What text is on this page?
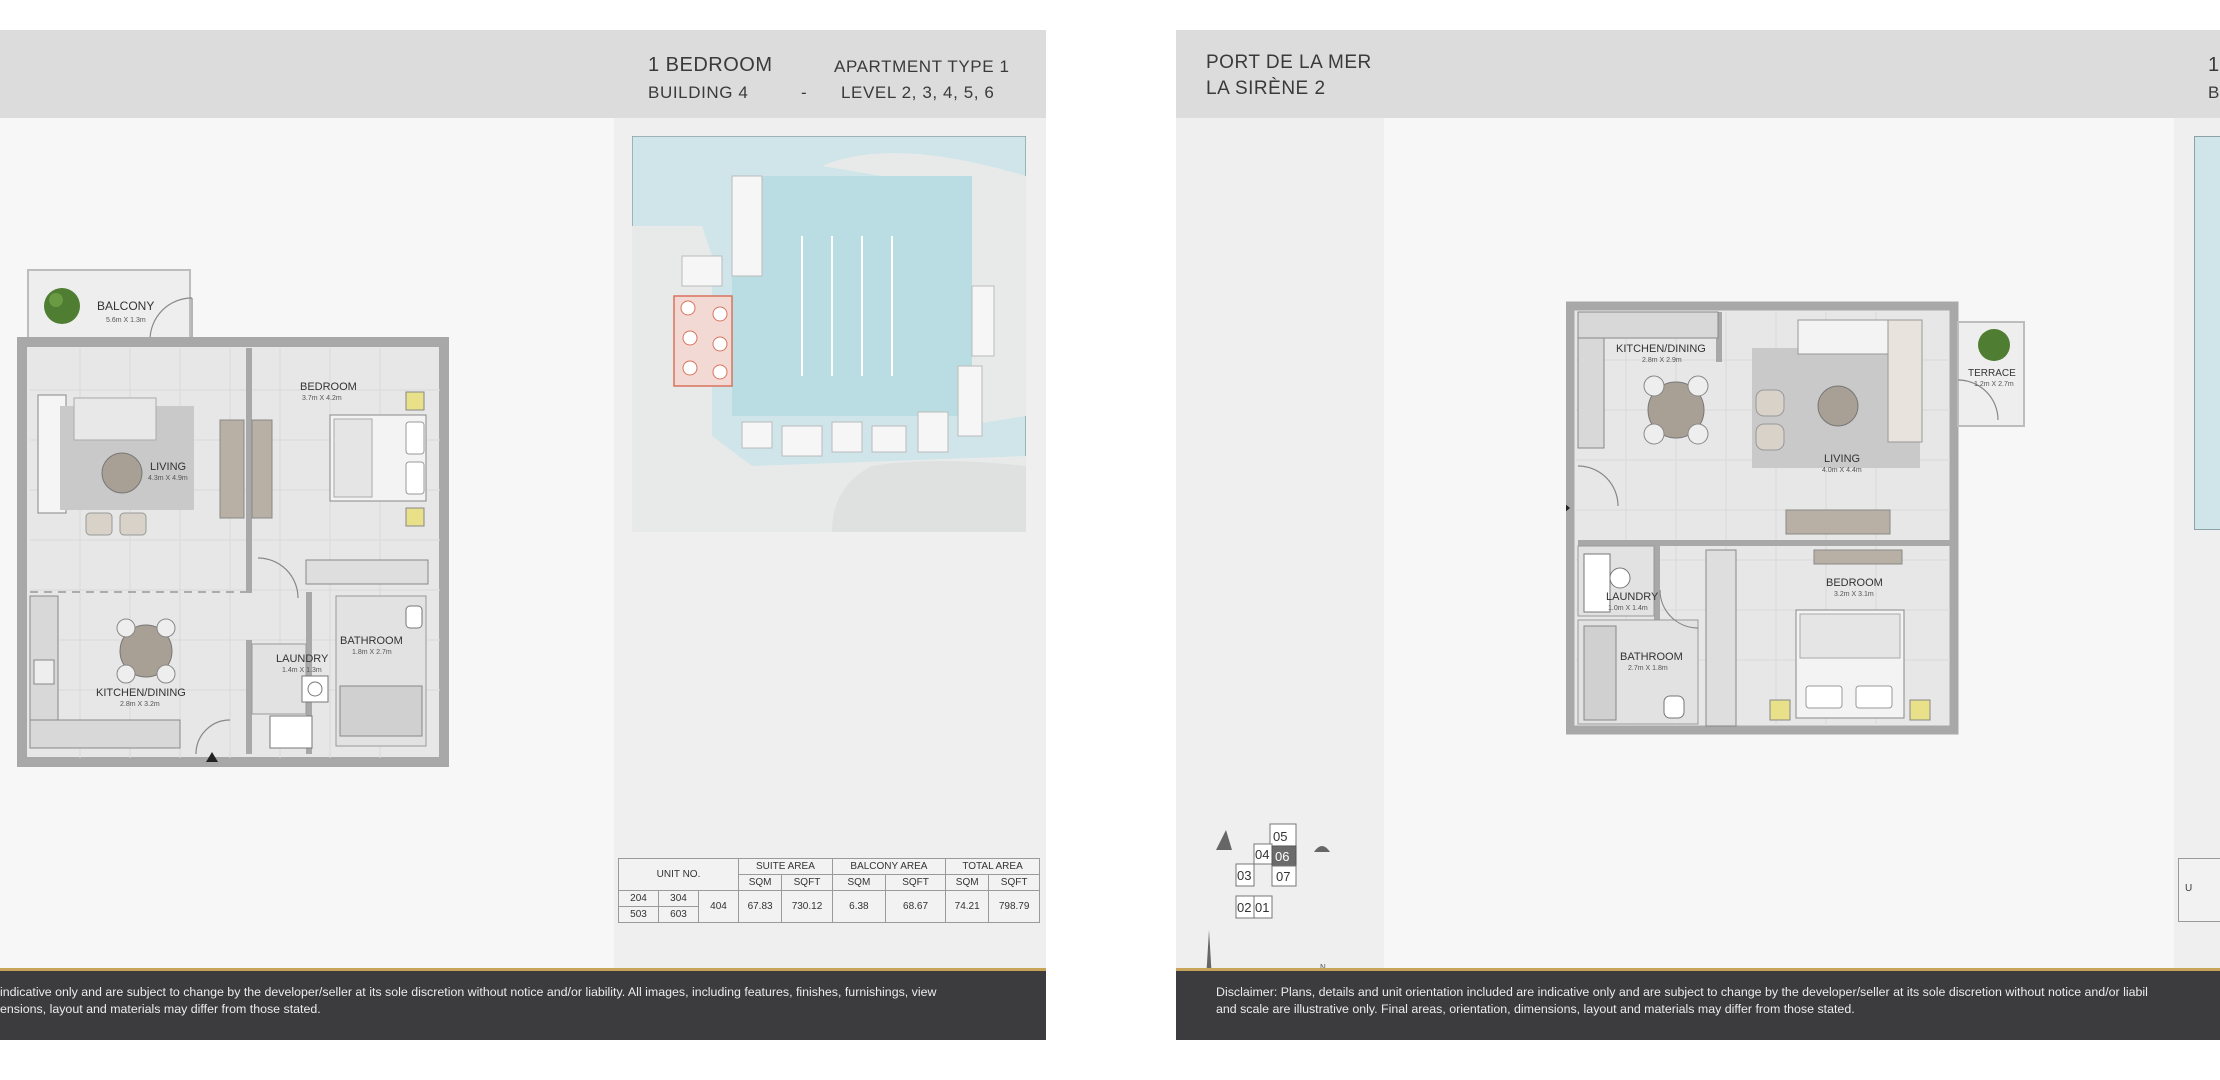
1 BEDROOM	APARTMENT TYPE 1
BUILDING 4	- LEVEL 2, 3, 4, 5, 6
BALCONY
5.6m X 1.3m
LIVING
4.3m X 4.9m
BEDROOM
3.7m X 4.2m
KITCHEN/DINING
2.8m X 3.2m
LAUNDRY
1.4m X 1.3m
BATHROOM
1.8m X 2.7m
UNIT NO.			SUITE AREA		BALCONY AREA		TOTAL AREA	
			SQM	SQFT	SQM	SQFT	SQM	SQFT
204	304	404	67.83	730.12	6.38	68.67	74.21	798.79
503	603							
indicative only and are subject to change by the developer/seller at its sole discretion without notice and/or liability. All images, including features, finishes, furnishings, view
ensions, layout and materials may differ from those stated.
PORT DE LA MER
LA SIRÈNE 2
1
B
U
TERRACE
1.2m X 2.7m
KITCHEN/DINING
2.8m X 2.9m
LIVING
4.0m X 4.4m
LAUNDRY
1.0m X 1.4m
BATHROOM
2.7m X 1.8m
BEDROOM
3.2m X 3.1m
05
04 06
03 07
02 01
Disclaimer: Plans, details and unit orientation included are indicative only and are subject to change by the developer/seller at its sole discretion without notice and/or liabil
and scale are illustrative only. Final areas, orientation, dimensions, layout and materials may differ from those stated.
